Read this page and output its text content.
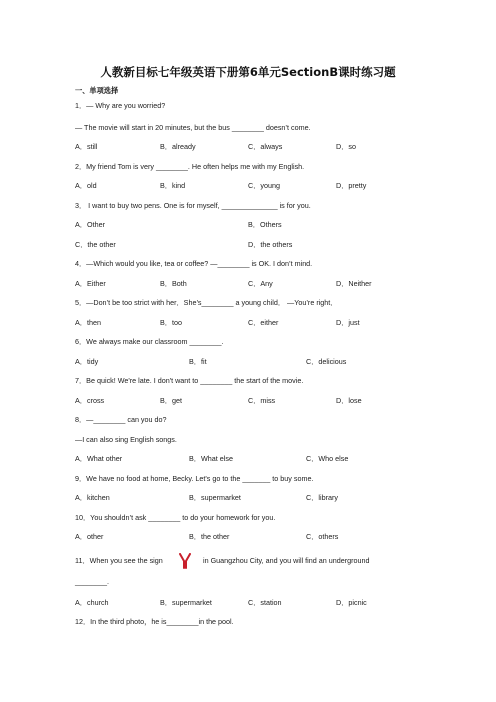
人教新目标七年级英语下册第6单元SectionB课时练习题
一、单项选择
1．— Why are you worried?
— The movie will start in 20 minutes, but the bus ________ doesn’t come.
A．still	B．already	C．always	D．so
2．My friend Tom is very ________. He often helps me with my English.
A．old	B．kind	C．young	D．pretty
3． I want to buy two pens. One is for myself, ______________ is for you.
A．Other	B．Others
C．the other	D．the others
4．—Which would you like, tea or coffee? —________ is OK. I don’t mind.
A．Either	B．Both	C．Any	D．Neither
5．—Don’t be too strict with her．She’s________ a young child． —You’re right．
A．then	B．too	C．either	D．just
6．We always make our classroom ________.
A．tidy	B．fit	C．delicious
7．Be quick! We're late. I don't want to ________ the start of the movie.
A．cross	B．get	C．miss	D．lose
8．—________ can you do?
—I can also sing English songs.
A．What other	B．What else	C．Who else
9．We have no food at home, Becky. Let's go to the _______ to buy some.
A．kitchen	B．supermarket	C．library
10．You shouldn’t ask ________ to do your homework for you.
A．other	B．the other	C．others
11．When you see the sign	in Guangzhou City, and you will find an underground
________.
A．church	B．supermarket	C．station	D．picnic
12．In the third photo，he is________in the pool.
